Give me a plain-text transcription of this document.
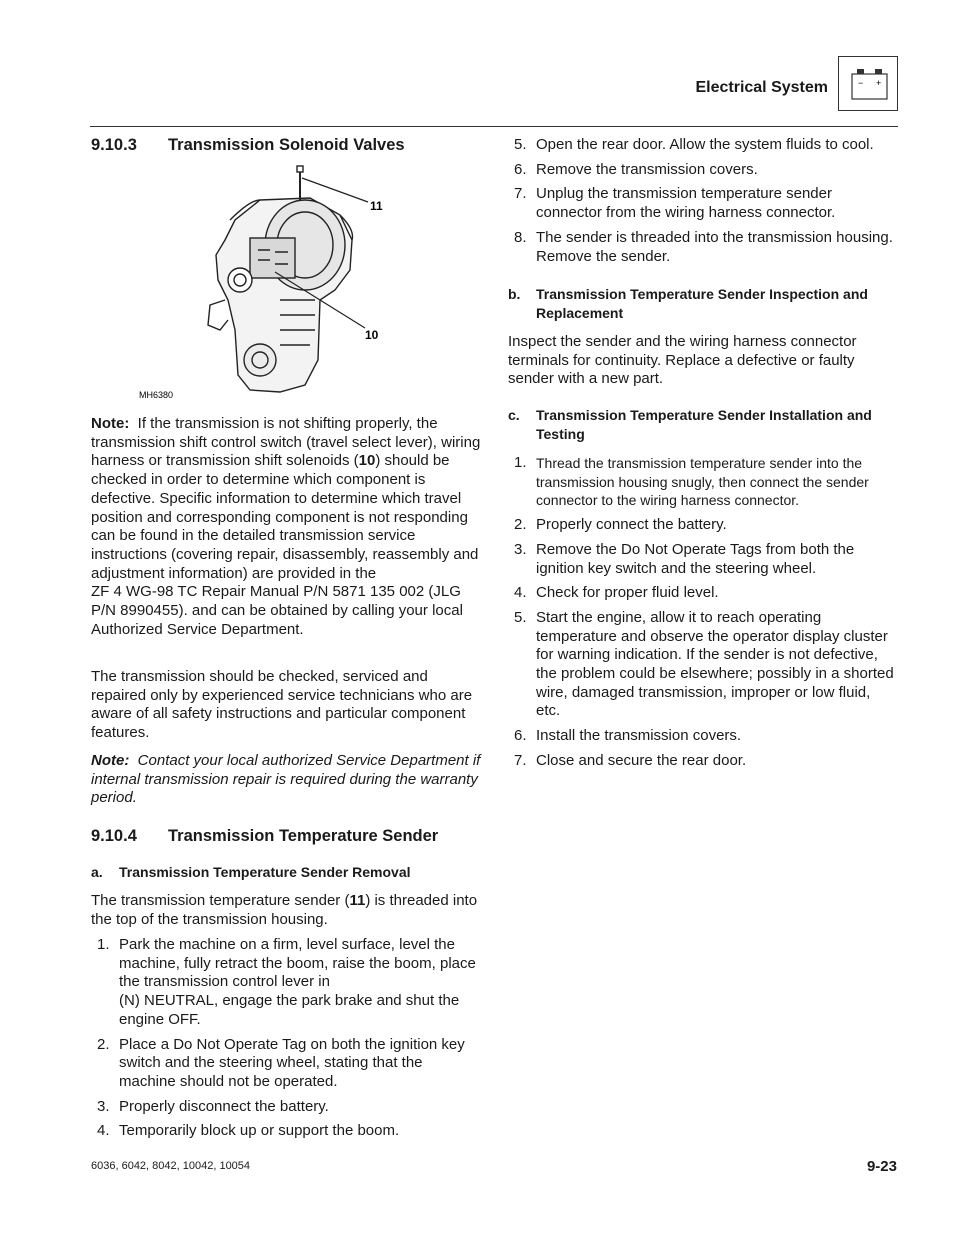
Electrical System	− +
9.10.3	Transmission Solenoid Valves
11
10
MH6380

Note: If the transmission is not shifting properly, the transmission shift control switch (travel select lever), wiring harness or transmission shift solenoids (10) should be checked in order to determine which component is defective. Specific information to determine which travel position and corresponding component is not responding can be found in the detailed transmission service instructions (covering repair, disassembly, reassembly and adjustment information) are provided in the

ZF 4 WG-98 TC Repair Manual P/N 5871 135 002 (JLG P/N 8990455). and can be obtained by calling your local Authorized Service Department.

The transmission should be checked, serviced and repaired only by experienced service technicians who are aware of all safety instructions and particular component features.

Note: Contact your local authorized Service Department if internal transmission repair is required during the warranty period.

9.10.4	Transmission Temperature Sender
a.	Transmission Temperature Sender Removal

The transmission temperature sender (11) is threaded into the top of the transmission housing.

1. Park the machine on a firm, level surface, level the machine, fully retract the boom, raise the boom, place the transmission control lever in
(N) NEUTRAL, engage the park brake and shut the engine OFF.
2. Place a Do Not Operate Tag on both the ignition key switch and the steering wheel, stating that the machine should not be operated.
3. Properly disconnect the battery.
4. Temporarily block up or support the boom.
5. Open the rear door. Allow the system fluids to cool.
6. Remove the transmission covers.
7. Unplug the transmission temperature sender connector from the wiring harness connector.
8. The sender is threaded into the transmission housing. Remove the sender.
b.	Transmission Temperature Sender Inspection and Replacement

Inspect the sender and the wiring harness connector terminals for continuity. Replace a defective or faulty sender with a new part.

c.	Transmission Temperature Sender Installation and Testing
1. Thread the transmission temperature sender into the transmission housing snugly, then connect the sender connector to the wiring harness connector.
2. Properly connect the battery.
3. Remove the Do Not Operate Tags from both the ignition key switch and the steering wheel.
4. Check for proper fluid level.
5. Start the engine, allow it to reach operating temperature and observe the operator display cluster for warning indication. If the sender is not defective, the problem could be elsewhere; possibly in a shorted wire, damaged transmission, improper or low fluid, etc.
6. Install the transmission covers.
7. Close and secure the rear door.
6036, 6042, 8042, 10042, 10054	9-23
